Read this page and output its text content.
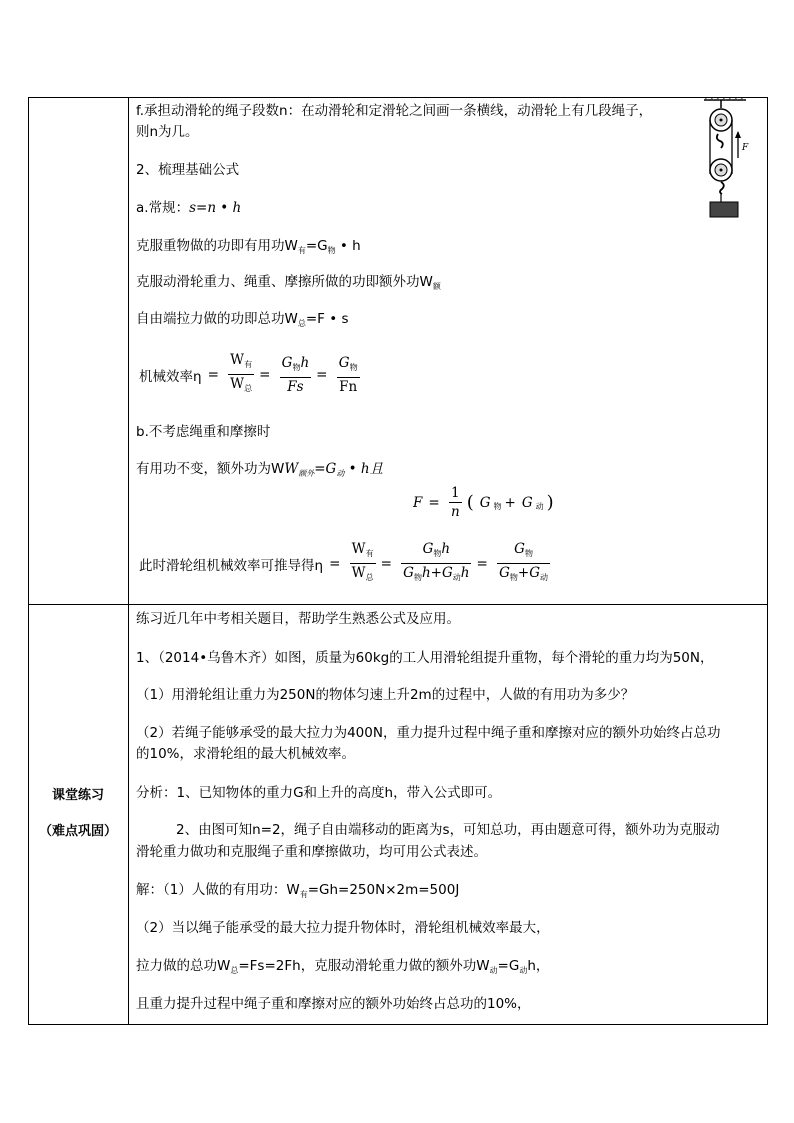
F
f.承担动滑轮的绳子段数n：在动滑轮和定滑轮之间画一条横线，动滑轮上有几段绳子，
则n为几。
2、梳理基础公式
a.常规：s=n • h
克服重物做的功即有用功$W_有=G_物$ • h
克服动滑轮重力、绳重、摩擦所做的功即额外功$W_额$
自由端拉力做的功即总功$W_总=F$ • s
机械效率$\eta = \frac{W_有}{W_总} = \frac{G_物h}{Fs} = \frac{G_物}{Fn}$
b.不考虑绳重和摩擦时
有用功不变，额外功为$WW_{额外}=G_动$ • h且
$F = \frac{1}{n}$ ( G $_物$ + G $_动$ )
此时滑轮组机械效率可推导得$\eta = \frac{W_有}{W_总} = \frac{G_物h}{G_物h+G_动h} = \frac{G_物}{G_物+G_动}$
课堂练习
（难点巩固）
练习近几年中考相关题目，帮助学生熟悉公式及应用。
1、（2014•乌鲁木齐）如图，质量为60kg的工人用滑轮组提升重物，每个滑轮的重力均为50N，
（1）用滑轮组让重力为250N的物体匀速上升2m的过程中，人做的有用功为多少？
（2）若绳子能够承受的最大拉力为400N，重力提升过程中绳子重和摩擦对应的额外功始终占总功
的10%，求滑轮组的最大机械效率。
分析：1、已知物体的重力G和上升的高度h，带入公式即可。
2、由图可知n=2，绳子自由端移动的距离为s，可知总功，再由题意可得，额外功为克服动
滑轮重力做功和克服绳子重和摩擦做功，均可用公式表述。
解：（1）人做的有用功：$W_有=Gh=250N\times 2m=500J$
（2）当以绳子能承受的最大拉力提升物体时，滑轮组机械效率最大，
拉力做的总功$W_总=Fs=2Fh$，克服动滑轮重力做的额外功$W_动=G_动h$，
且重力提升过程中绳子重和摩擦对应的额外功始终占总功的10%，
